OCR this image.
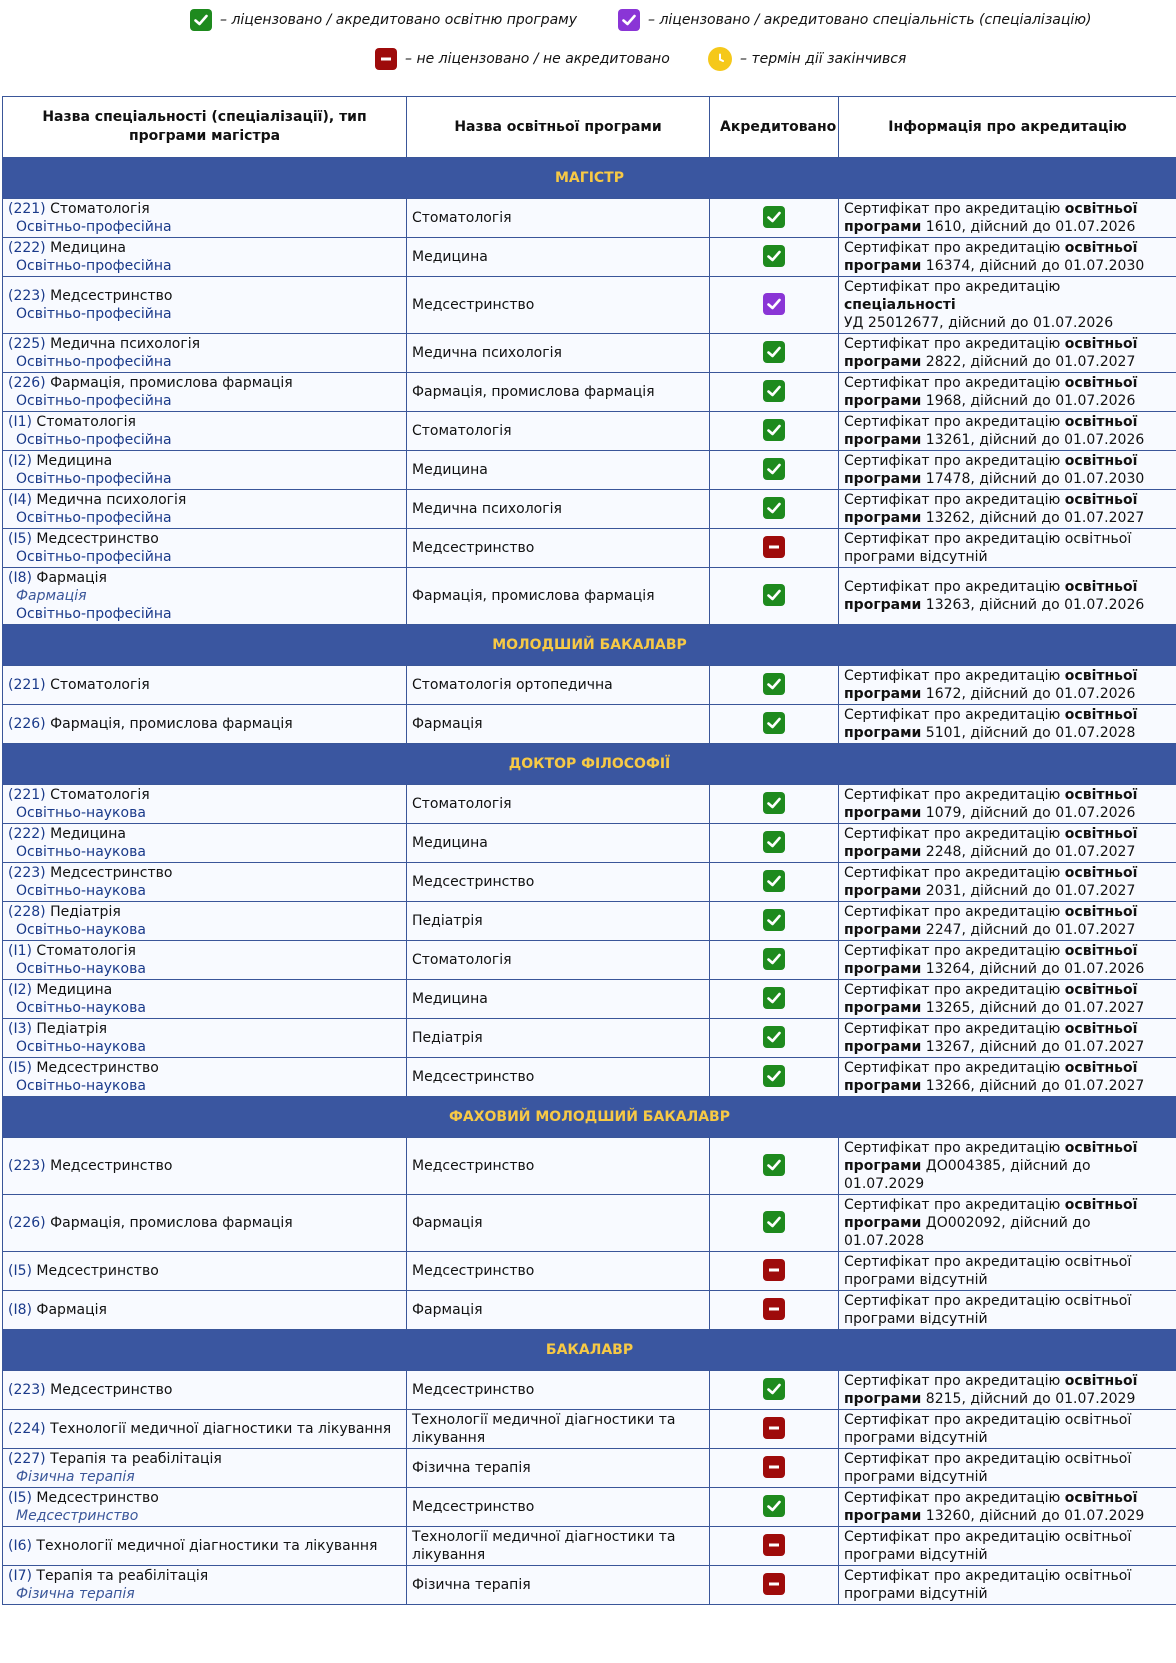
– ліцензовано / акредитовано освітню програму	– ліцензовано / акредитовано спеціальність (спеціалізацію)
– не ліцензовано / не акредитовано	– термін дії закінчився
Назва спеціальності (спеціалізації), тип програми магістра	Назва освітньої програми	Акредитовано	Інформація про акредитацію
МАГІСТР			
(221) Стоматологія
Освітньо-професійна	Стоматологія		Сертифікат про акредитацію освітньої програми 1610, дійсний до 01.07.2026
(222) Медицина
Освітньо-професійна	Медицина		Сертифікат про акредитацію освітньої програми 16374, дійсний до 01.07.2030
(223) Медсестринство
Освітньо-професійна	Медсестринство		Сертифікат про акредитацію
спеціальності
УД 25012677, дійсний до 01.07.2026
(225) Медична психологія
Освітньо-професійна	Медична психологія		Сертифікат про акредитацію освітньої програми 2822, дійсний до 01.07.2027
(226) Фармація, промислова фармація
Освітньо-професійна	Фармація, промислова фармація		Сертифікат про акредитацію освітньої програми 1968, дійсний до 01.07.2026
(I1) Стоматологія
Освітньо-професійна	Стоматологія		Сертифікат про акредитацію освітньої програми 13261, дійсний до 01.07.2026
(I2) Медицина
Освітньо-професійна	Медицина		Сертифікат про акредитацію освітньої програми 17478, дійсний до 01.07.2030
(I4) Медична психологія
Освітньо-професійна	Медична психологія		Сертифікат про акредитацію освітньої програми 13262, дійсний до 01.07.2027
(I5) Медсестринство
Освітньо-професійна	Медсестринство		Сертифікат про акредитацію освітньої програми відсутній
(I8) Фармація
Фармація
Освітньо-професійна	Фармація, промислова фармація		Сертифікат про акредитацію освітньої програми 13263, дійсний до 01.07.2026
МОЛОДШИЙ БАКАЛАВР			
(221) Стоматологія	Стоматологія ортопедична		Сертифікат про акредитацію освітньої програми 1672, дійсний до 01.07.2026
(226) Фармація, промислова фармація	Фармація		Сертифікат про акредитацію освітньої програми 5101, дійсний до 01.07.2028
ДОКТОР ФІЛОСОФІЇ			
(221) Стоматологія
Освітньо-наукова	Стоматологія		Сертифікат про акредитацію освітньої програми 1079, дійсний до 01.07.2026
(222) Медицина
Освітньо-наукова	Медицина		Сертифікат про акредитацію освітньої програми 2248, дійсний до 01.07.2027
(223) Медсестринство
Освітньо-наукова	Медсестринство		Сертифікат про акредитацію освітньої програми 2031, дійсний до 01.07.2027
(228) Педіатрія
Освітньо-наукова	Педіатрія		Сертифікат про акредитацію освітньої програми 2247, дійсний до 01.07.2027
(I1) Стоматологія
Освітньо-наукова	Стоматологія		Сертифікат про акредитацію освітньої програми 13264, дійсний до 01.07.2026
(I2) Медицина
Освітньо-наукова	Медицина		Сертифікат про акредитацію освітньої програми 13265, дійсний до 01.07.2027
(I3) Педіатрія
Освітньо-наукова	Педіатрія		Сертифікат про акредитацію освітньої програми 13267, дійсний до 01.07.2027
(I5) Медсестринство
Освітньо-наукова	Медсестринство		Сертифікат про акредитацію освітньої програми 13266, дійсний до 01.07.2027
ФАХОВИЙ МОЛОДШИЙ БАКАЛАВР			
(223) Медсестринство	Медсестринство		Сертифікат про акредитацію освітньої програми ДО004385, дійсний до 01.07.2029
(226) Фармація, промислова фармація	Фармація		Сертифікат про акредитацію освітньої програми ДО002092, дійсний до 01.07.2028
(I5) Медсестринство	Медсестринство		Сертифікат про акредитацію освітньої програми відсутній
(I8) Фармація	Фармація		Сертифікат про акредитацію освітньої програми відсутній
БАКАЛАВР			
(223) Медсестринство	Медсестринство		Сертифікат про акредитацію освітньої програми 8215, дійсний до 01.07.2029
(224) Технології медичної діагностики та лікування	Технології медичної діагностики та лікування		Сертифікат про акредитацію освітньої програми відсутній
(227) Терапія та реабілітація
Фізична терапія	Фізична терапія		Сертифікат про акредитацію освітньої програми відсутній
(I5) Медсестринство
Медсестринство	Медсестринство		Сертифікат про акредитацію освітньої програми 13260, дійсний до 01.07.2029
(I6) Технології медичної діагностики та лікування	Технології медичної діагностики та лікування		Сертифікат про акредитацію освітньої програми відсутній
(I7) Терапія та реабілітація
Фізична терапія	Фізична терапія		Сертифікат про акредитацію освітньої програми відсутній
